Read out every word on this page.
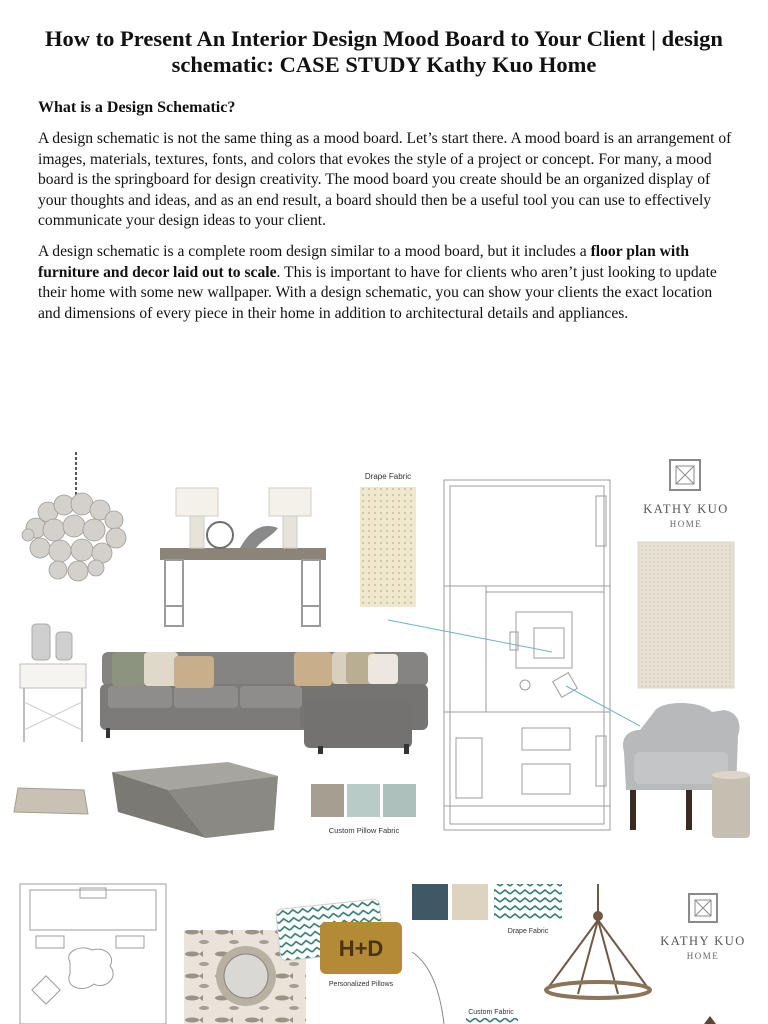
How to Present An Interior Design Mood Board to Your Client | design schematic: CASE STUDY Kathy Kuo Home
What is a Design Schematic?

A design schematic is not the same thing as a mood board. Let’s start there. A mood board is an arrangement of images, materials, textures, fonts, and colors that evokes the style of a project or concept. For many, a mood board is the springboard for design creativity. The mood board you create should be an organized display of your thoughts and ideas, and as an end result, a board should then be a useful tool you can use to effectively communicate your design ideas to your client.

A design schematic is a complete room design similar to a mood board, but it includes a floor plan with furniture and decor laid out to scale. This is important to have for clients who aren’t just looking to update their home with some new wallpaper. With a design schematic, you can show your clients the exact location and dimensions of every piece in their home in addition to architectural details and appliances.

Drape Fabric
Custom Pillow Fabric
KATHY KUO
HOME
H+D
Personalized Pillows
Drape Fabric
Custom Fabric
KATHY KUO
HOME
